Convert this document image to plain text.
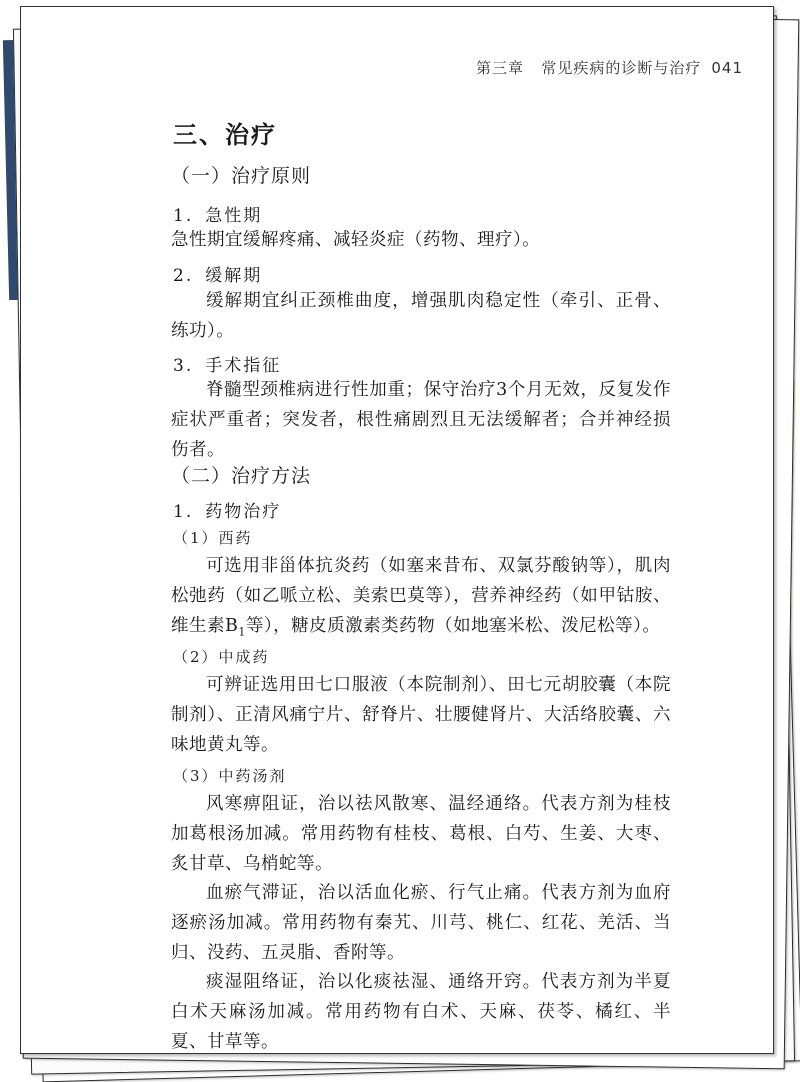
第三章 常见疾病的诊断与治疗 041
三、治疗
（一）治疗原则
1. 急性期

急性期宜缓解疼痛、减轻炎症（药物、理疗）。

2. 缓解期

缓解期宜纠正颈椎曲度，增强肌肉稳定性（牵引、正骨、练功）。

3. 手术指征

脊髓型颈椎病进行性加重；保守治疗3个月无效，反复发作症状严重者；突发者，根性痛剧烈且无法缓解者；合并神经损伤者。

（二）治疗方法
1. 药物治疗
（1）西药

可选用非甾体抗炎药（如塞来昔布、双氯芬酸钠等），肌肉松弛药（如乙哌立松、美索巴莫等），营养神经药（如甲钴胺、维生素$B_1$等），糖皮质激素类药物（如地塞米松、泼尼松等）。

（2）中成药

可辨证选用田七口服液（本院制剂）、田七元胡胶囊（本院制剂）、正清风痛宁片、舒脊片、壮腰健肾片、大活络胶囊、六味地黄丸等。

（3）中药汤剂

风寒痹阻证，治以祛风散寒、温经通络。代表方剂为桂枝加葛根汤加减。常用药物有桂枝、葛根、白芍、生姜、大枣、炙甘草、乌梢蛇等。

血瘀气滞证，治以活血化瘀、行气止痛。代表方剂为血府逐瘀汤加减。常用药物有秦艽、川芎、桃仁、红花、羌活、当归、没药、五灵脂、香附等。

痰湿阻络证，治以化痰祛湿、通络开窍。代表方剂为半夏白术天麻汤加减。常用药物有白术、天麻、茯苓、橘红、半夏、甘草等。
